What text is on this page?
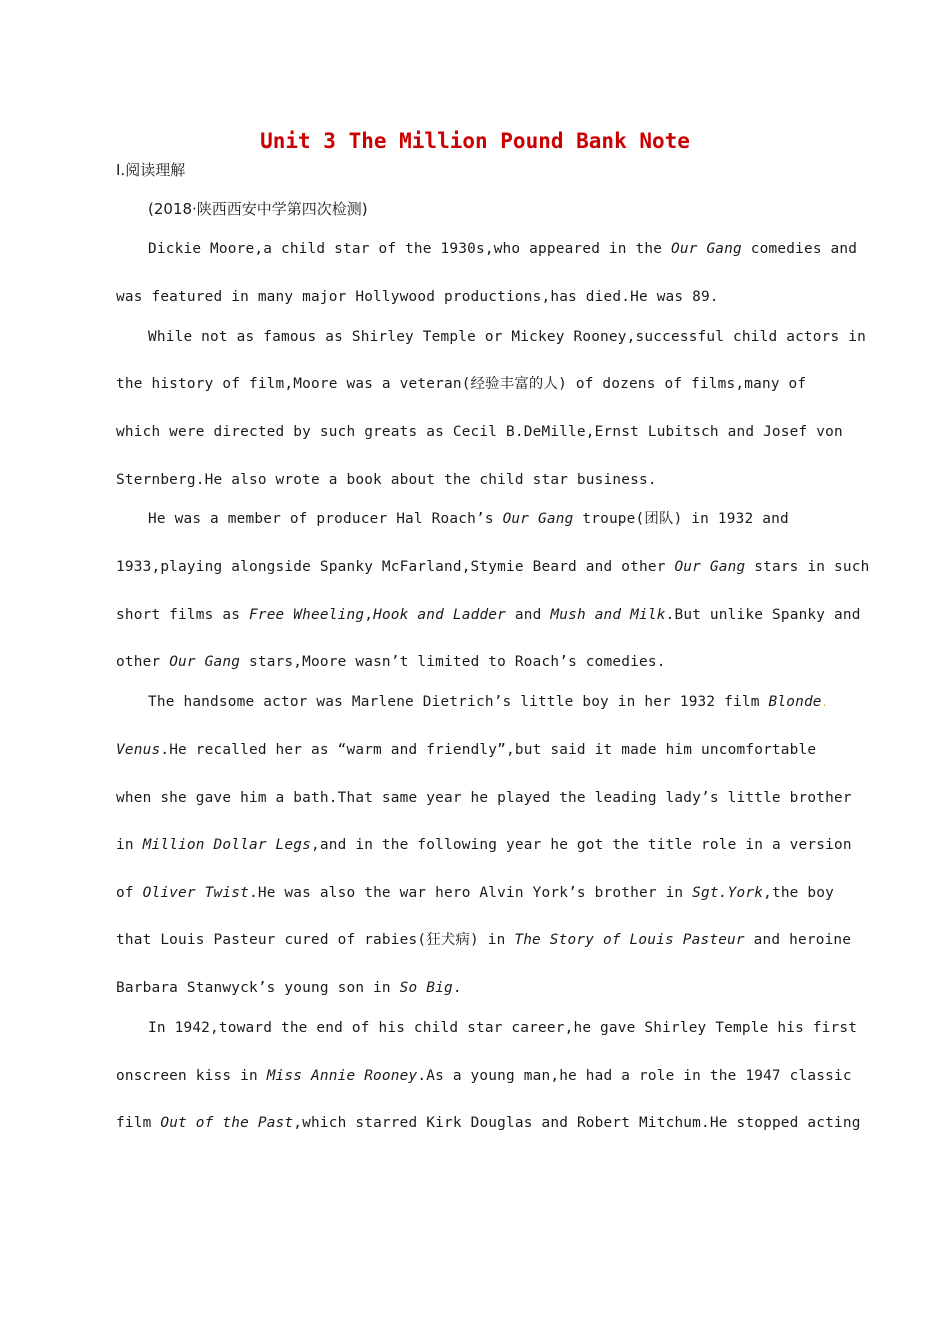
Unit 3 The Million Pound Bank Note
Ⅰ.阅读理解
(2018·陕西西安中学第四次检测)
Dickie Moore,a child star of the 1930s,who appeared in the Our Gang comedies and
was featured in many major Hollywood productions,has died.He was 89.
While not as famous as Shirley Temple or Mickey Rooney,successful child actors in
the history of film,Moore was a veteran(经验丰富的人) of dozens of films,many of
which were directed by such greats as Cecil B.DeMille,Ernst Lubitsch and Josef von
Sternberg.He also wrote a book about the child star business.
He was a member of producer Hal Roach’s Our Gang troupe(团队) in 1932 and
1933,playing alongside Spanky McFarland,Stymie Beard and other Our Gang stars in such
short films as Free Wheeling,Hook and Ladder and Mush and Milk.But unlike Spanky and
other Our Gang stars,Moore wasn’t limited to Roach’s comedies.
The handsome actor was Marlene Dietrich’s little boy in her 1932 film Blonde.
Venus.He recalled her as “warm and friendly”,but said it made him uncomfortable
when she gave him a bath.That same year he played the leading lady’s little brother
in Million Dollar Legs,and in the following year he got the title role in a version
of Oliver Twist.He was also the war hero Alvin York’s brother in Sgt.York,the boy
that Louis Pasteur cured of rabies(狂犬病) in The Story of Louis Pasteur and heroine
Barbara Stanwyck’s young son in So Big.
In 1942,toward the end of his child star career,he gave Shirley Temple his first
onscreen kiss in Miss Annie Rooney.As a young man,he had a role in the 1947 classic
film Out of the Past,which starred Kirk Douglas and Robert Mitchum.He stopped acting
